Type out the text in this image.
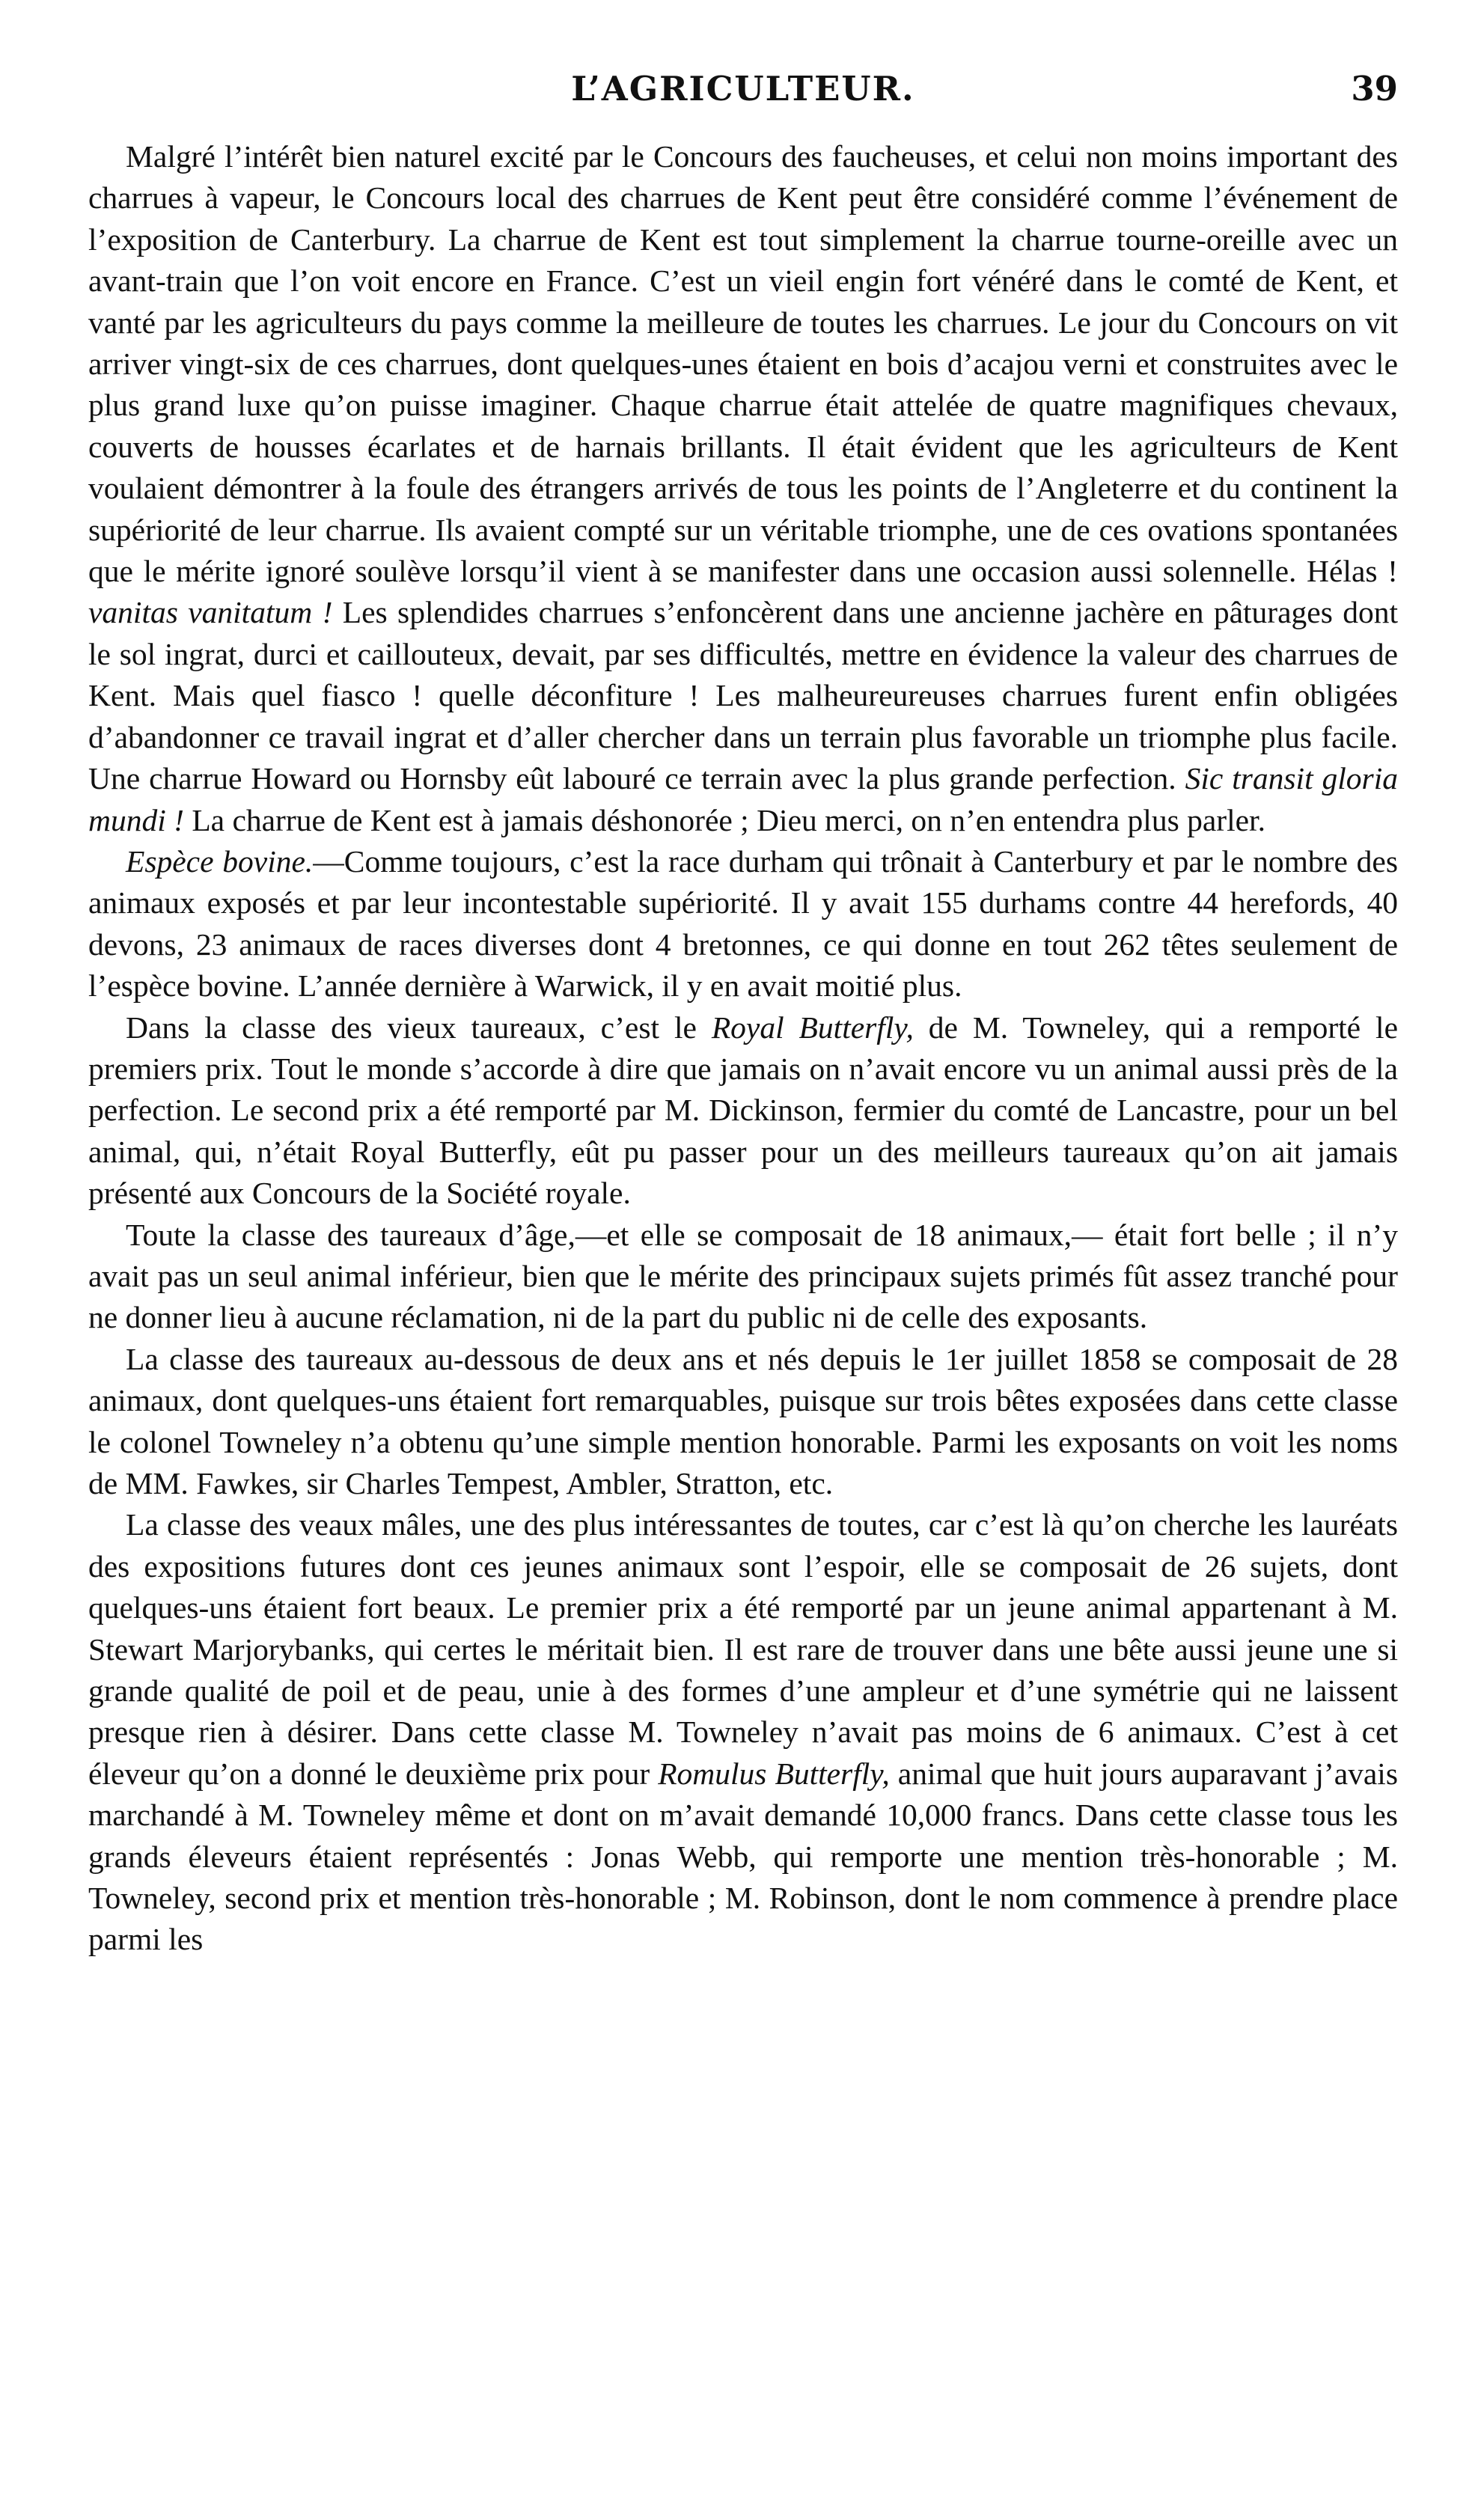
L’AGRICULTEUR.	39

Malgré l’intérêt bien naturel excité par le Concours des faucheuses, et celui non moins important des charrues à vapeur, le Concours local des charrues de Kent peut être considéré comme l’événement de l’exposition de Canterbury. La charrue de Kent est tout simplement la charrue tourne-oreille avec un avant-train que l’on voit encore en France. C’est un vieil engin fort vénéré dans le comté de Kent, et vanté par les agriculteurs du pays comme la meilleure de toutes les charrues. Le jour du Concours on vit arriver vingt-six de ces charrues, dont quelques-unes étaient en bois d’acajou verni et construites avec le plus grand luxe qu’on puisse imaginer. Chaque charrue était attelée de quatre magnifiques chevaux, couverts de housses écarlates et de harnais brillants. Il était évident que les agriculteurs de Kent voulaient démontrer à la foule des étrangers arrivés de tous les points de l’Angleterre et du continent la supériorité de leur charrue. Ils avaient compté sur un véritable triomphe, une de ces ovations spontanées que le mérite ignoré soulève lorsqu’il vient à se manifester dans une occasion aussi solennelle. Hélas ! vanitas vanitatum ! Les splendides charrues s’enfoncèrent dans une ancienne jachère en pâturages dont le sol ingrat, durci et caillouteux, devait, par ses difficultés, mettre en évidence la valeur des charrues de Kent. Mais quel fiasco ! quelle déconfiture ! Les malheureureuses charrues furent enfin obligées d’abandonner ce travail ingrat et d’aller chercher dans un terrain plus favorable un triomphe plus facile. Une charrue Howard ou Hornsby eût labouré ce terrain avec la plus grande perfection. Sic transit gloria mundi ! La charrue de Kent est à jamais déshonorée ; Dieu merci, on n’en entendra plus parler.

Espèce bovine.—Comme toujours, c’est la race durham qui trônait à Canterbury et par le nombre des animaux exposés et par leur incontestable supériorité. Il y avait 155 durhams contre 44 herefords, 40 devons, 23 animaux de races diverses dont 4 bretonnes, ce qui donne en tout 262 têtes seulement de l’espèce bovine. L’année dernière à Warwick, il y en avait moitié plus.

Dans la classe des vieux taureaux, c’est le Royal Butterfly, de M. Towneley, qui a remporté le premiers prix. Tout le monde s’accorde à dire que jamais on n’avait encore vu un animal aussi près de la perfection. Le second prix a été remporté par M. Dickinson, fermier du comté de Lancastre, pour un bel animal, qui, n’était Royal Butterfly, eût pu passer pour un des meilleurs taureaux qu’on ait jamais présenté aux Concours de la Société royale.

Toute la classe des taureaux d’âge,—et elle se composait de 18 animaux,— était fort belle ; il n’y avait pas un seul animal inférieur, bien que le mérite des principaux sujets primés fût assez tranché pour ne donner lieu à aucune réclamation, ni de la part du public ni de celle des exposants.

La classe des taureaux au-dessous de deux ans et nés depuis le 1er juillet 1858 se composait de 28 animaux, dont quelques-uns étaient fort remarquables, puisque sur trois bêtes exposées dans cette classe le colonel Towneley n’a obtenu qu’une simple mention honorable. Parmi les exposants on voit les noms de MM. Fawkes, sir Charles Tempest, Ambler, Stratton, etc.

La classe des veaux mâles, une des plus intéressantes de toutes, car c’est là qu’on cherche les lauréats des expositions futures dont ces jeunes animaux sont l’espoir, elle se composait de 26 sujets, dont quelques-uns étaient fort beaux. Le premier prix a été remporté par un jeune animal appartenant à M. Stewart Marjorybanks, qui certes le méritait bien. Il est rare de trouver dans une bête aussi jeune une si grande qualité de poil et de peau, unie à des formes d’une ampleur et d’une symétrie qui ne laissent presque rien à désirer. Dans cette classe M. Towneley n’avait pas moins de 6 animaux. C’est à cet éleveur qu’on a donné le deuxième prix pour Romulus Butterfly, animal que huit jours auparavant j’avais marchandé à M. Towneley même et dont on m’avait demandé 10,000 francs. Dans cette classe tous les grands éleveurs étaient représentés : Jonas Webb, qui remporte une mention très-honorable ; M. Towneley, second prix et mention très-honorable ; M. Robinson, dont le nom commence à prendre place parmi les
